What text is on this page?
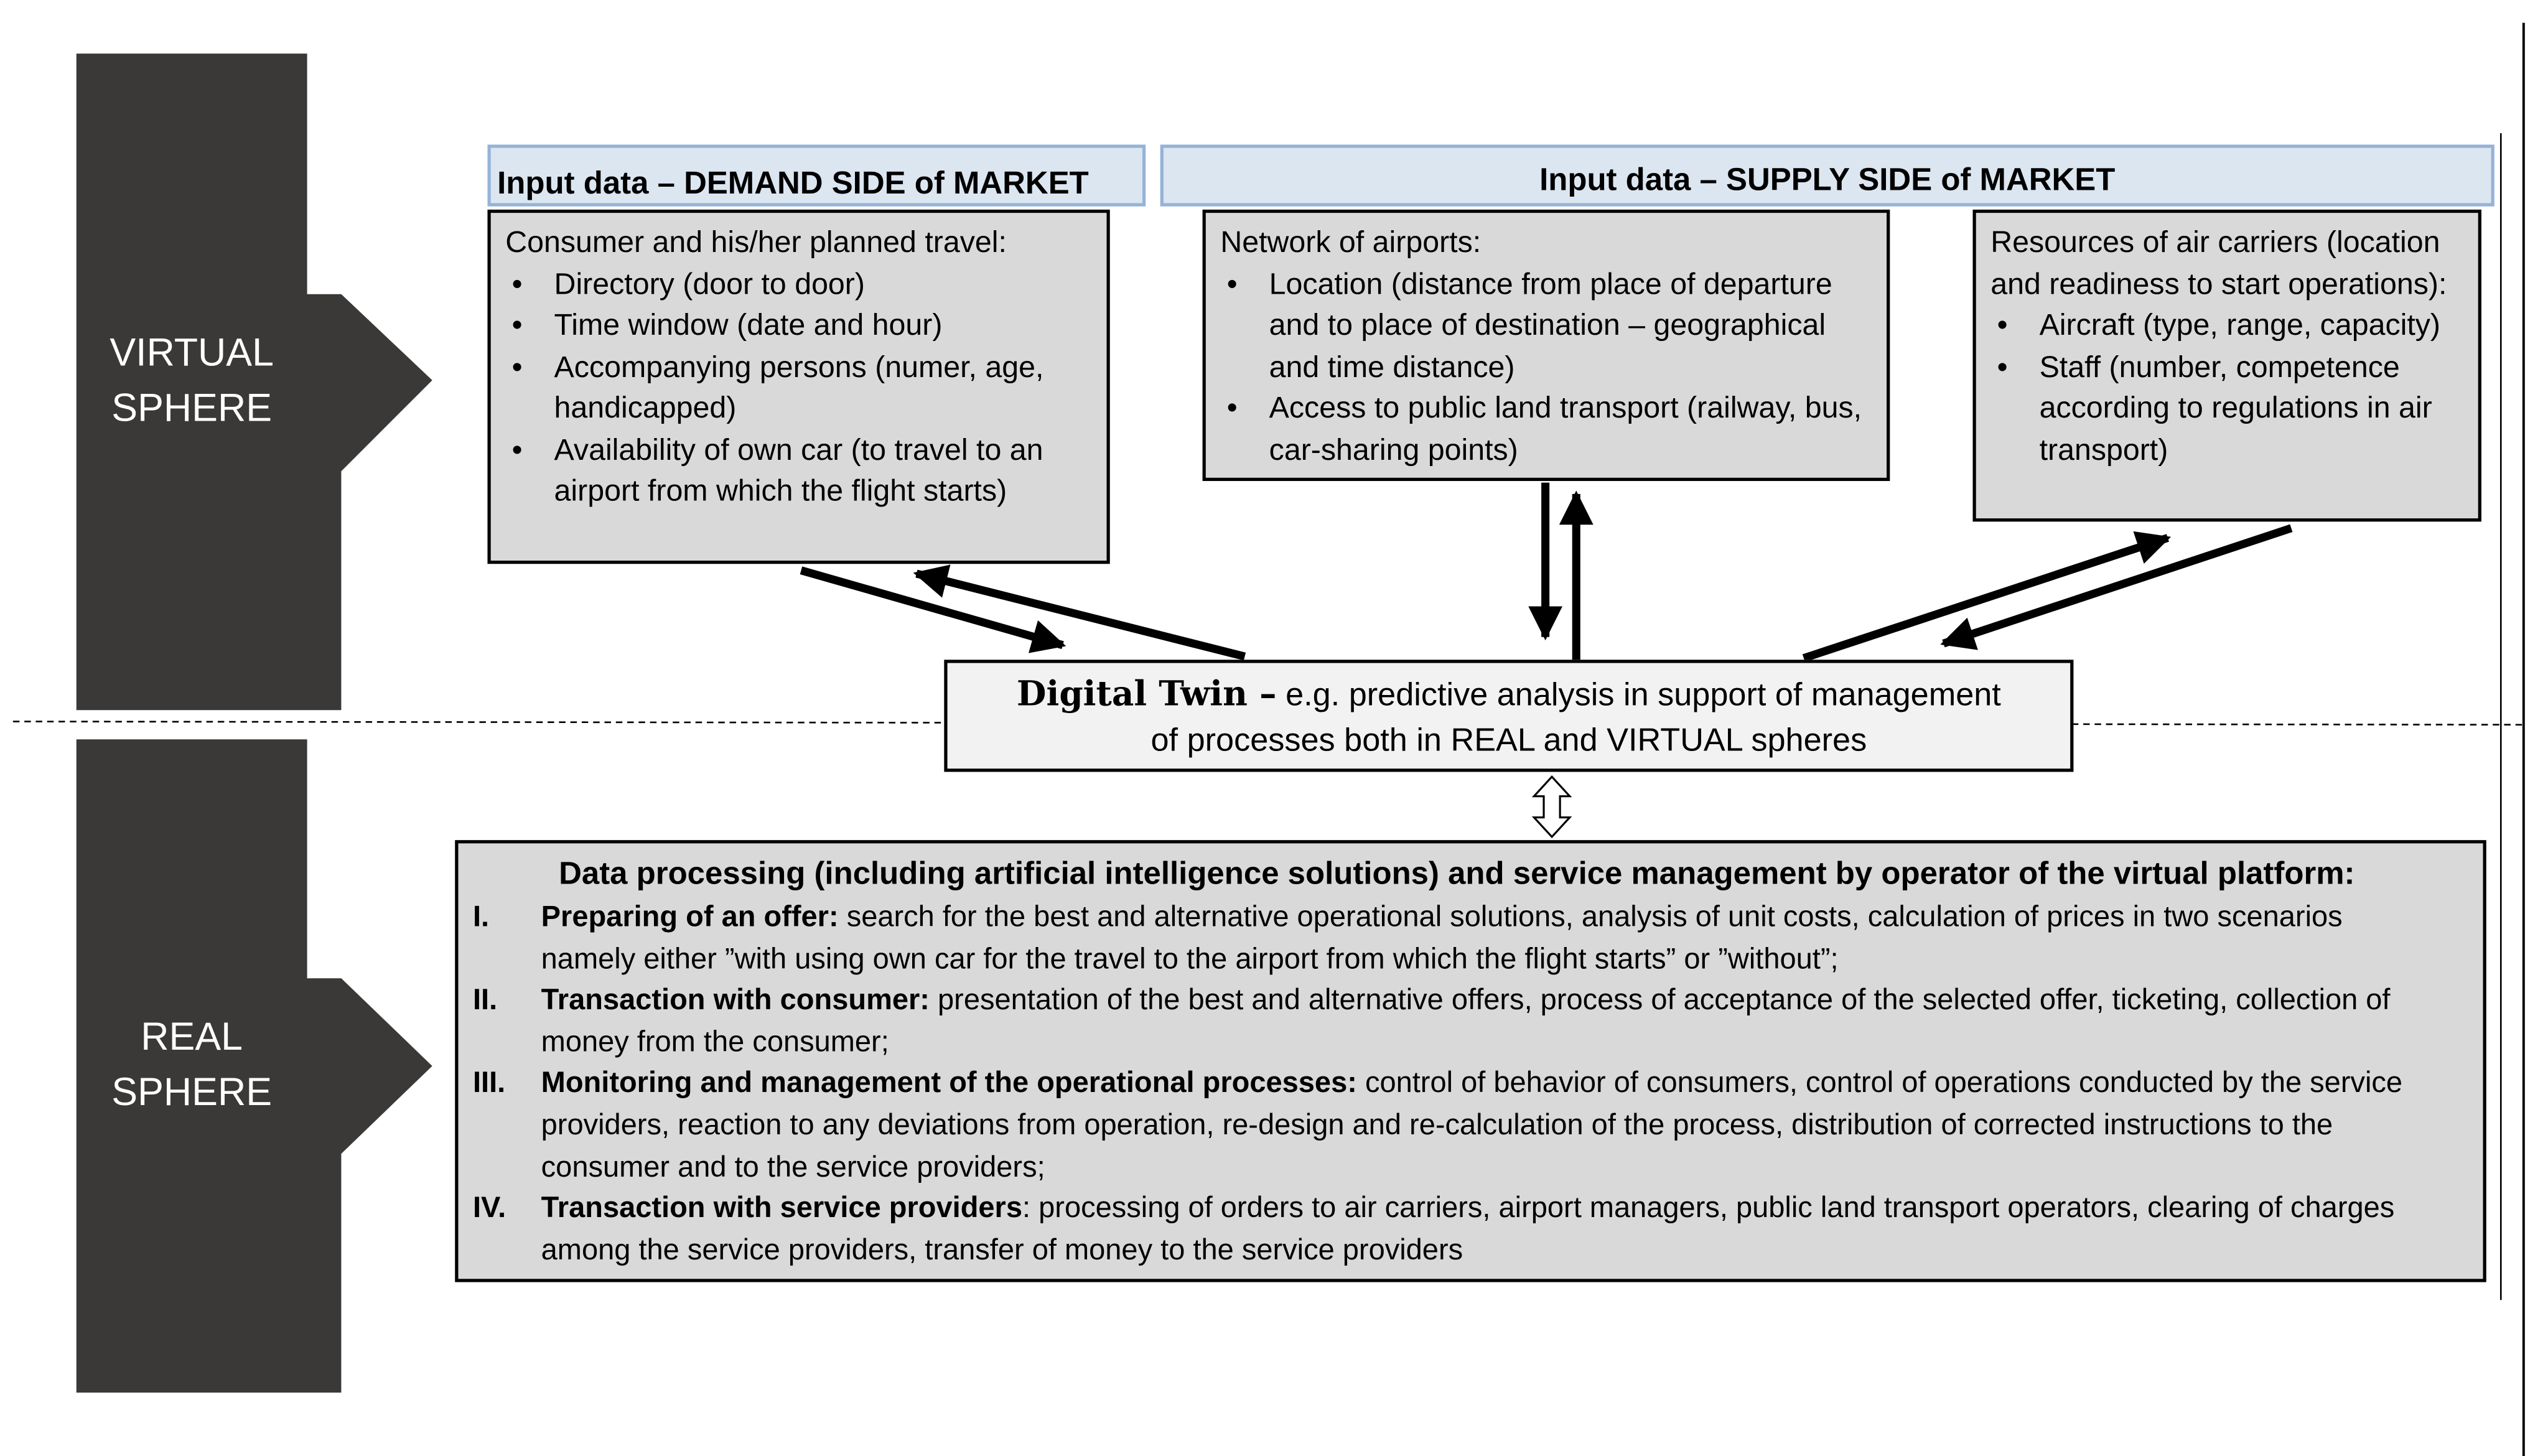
VIRTUAL
SPHERE
REAL
SPHERE
Input data – DEMAND SIDE of MARKET	Input data – SUPPLY SIDE of MARKET
Consumer and his/her planned travel:
• Directory (door to door)
• Time window (date and hour)
• Accompanying persons (numer, age, handicapped)
• Availability of own car (to travel to an airport from which the flight starts)
Network of airports:
• Location (distance from place of departure and to place of destination – geographical and time distance)
• Access to public land transport (railway, bus, car-sharing points)
Resources of air carriers (location and readiness to start operations):
• Aircraft (type, range, capacity)
• Staff (number, competence according to regulations in air transport)
Digital Twin – e.g. predictive analysis in support of management
of processes both in REAL and VIRTUAL spheres
Data processing (including artificial intelligence solutions) and service management by operator of the virtual platform:
I.	Preparing of an offer: search for the best and alternative operational solutions, analysis of unit costs, calculation of prices in two scenarios namely either ”with using own car for the travel to the airport from which the flight starts” or ”without”;
II.	Transaction with consumer: presentation of the best and alternative offers, process of acceptance of the selected offer, ticketing, collection of money from the consumer;
III.	Monitoring and management of the operational processes: control of behavior of consumers, control of operations conducted by the service providers, reaction to any deviations from operation, re-design and re-calculation of the process, distribution of corrected instructions to the consumer and to the service providers;
IV.	Transaction with service providers: processing of orders to air carriers, airport managers, public land transport operators, clearing of charges among the service providers, transfer of money to the service providers
